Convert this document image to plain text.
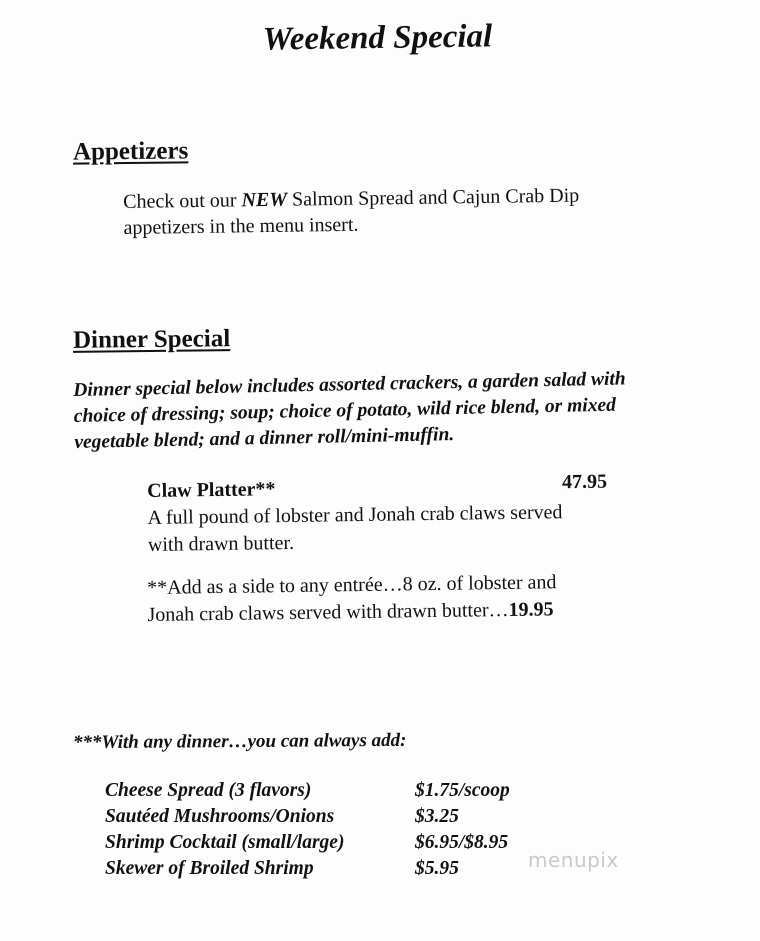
Weekend Special
Appetizers
Check out our NEW Salmon Spread and Cajun Crab Dip
appetizers in the menu insert.
Dinner Special
Dinner special below includes assorted crackers, a garden salad with
choice of dressing; soup; choice of potato, wild rice blend, or mixed
vegetable blend; and a dinner roll/mini-muffin.
Claw Platter**	47.95
A full pound of lobster and Jonah crab claws served
with drawn butter.
**Add as a side to any entrée…8 oz. of lobster and
Jonah crab claws served with drawn butter…19.95
***With any dinner…you can always add:
Cheese Spread (3 flavors)	$1.75/scoop
Sautéed Mushrooms/Onions	$3.25
Shrimp Cocktail (small/large)	$6.95/$8.95
Skewer of Broiled Shrimp	$5.95	menupix
